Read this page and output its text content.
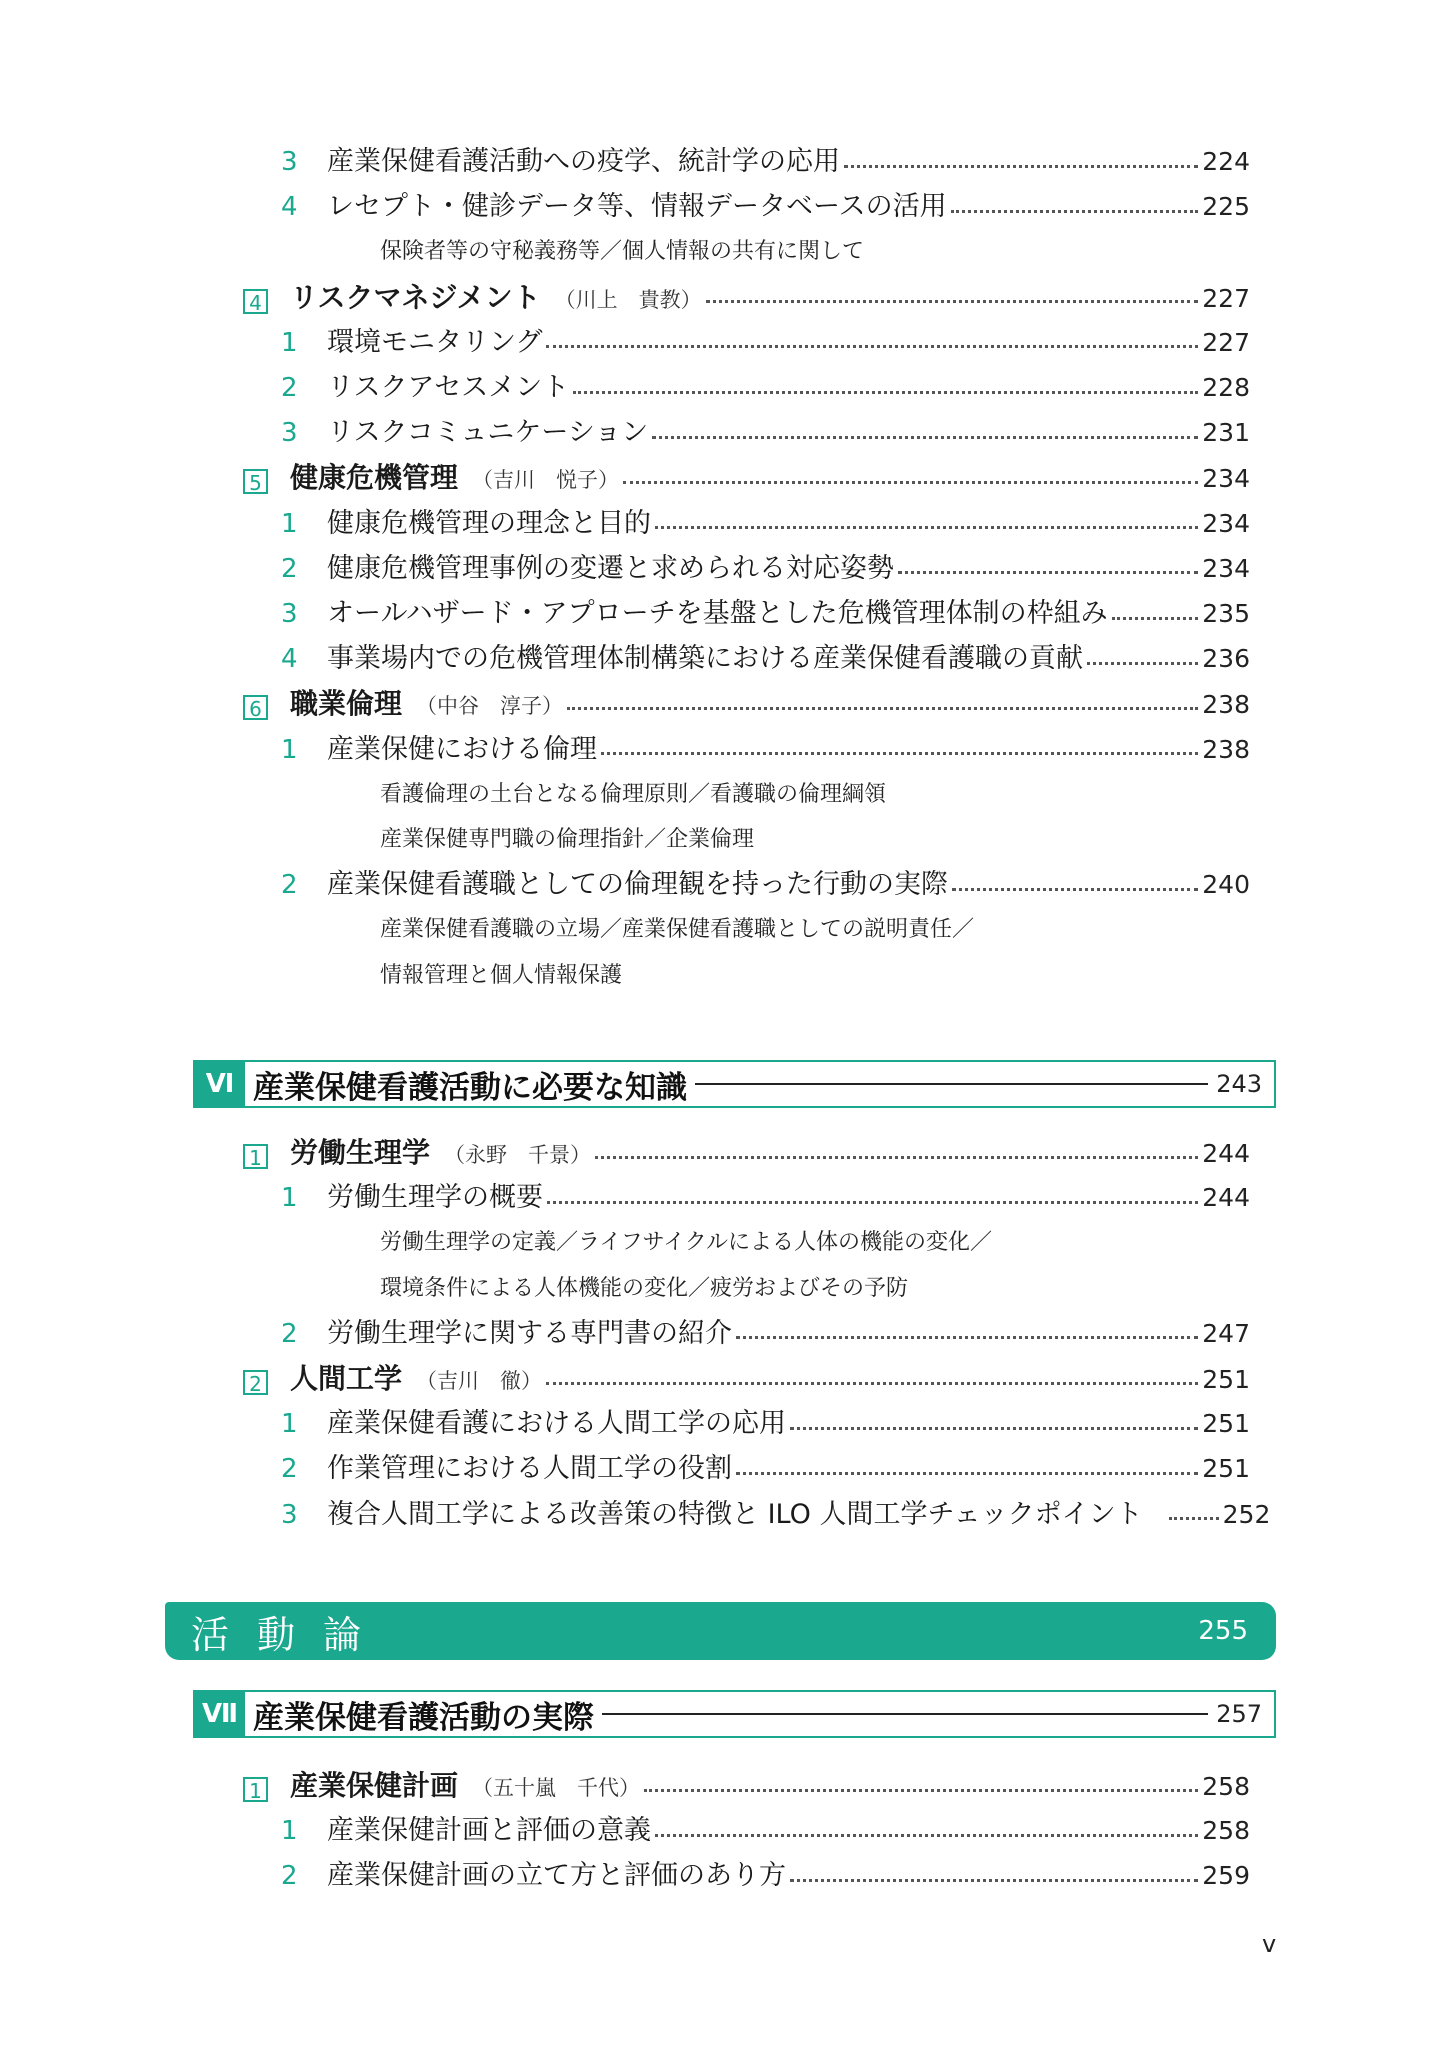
3	産業保健看護活動への疫学、統計学の応用	224
4	レセプト・健診データ等、情報データベースの活用	225
保険者等の守秘義務等／個人情報の共有に関して
4 リスクマネジメント （川上　貴教）	227
1	環境モニタリング	227
2	リスクアセスメント	228
3	リスクコミュニケーション	231
5 健康危機管理 （吉川　悦子）	234
1	健康危機管理の理念と目的	234
2	健康危機管理事例の変遷と求められる対応姿勢	234
3	オールハザード・アプローチを基盤とした危機管理体制の枠組み	235
4	事業場内での危機管理体制構築における産業保健看護職の貢献	236
6 職業倫理 （中谷　淳子）	238
1	産業保健における倫理	238
看護倫理の土台となる倫理原則／看護職の倫理綱領
産業保健専門職の倫理指針／企業倫理
2	産業保健看護職としての倫理観を持った行動の実際	240
産業保健看護職の立場／産業保健看護職としての説明責任／
情報管理と個人情報保護
Ⅵ 産業保健看護活動に必要な知識	243
1 労働生理学 （永野　千景）	244
1	労働生理学の概要	244
労働生理学の定義／ライフサイクルによる人体の機能の変化／
環境条件による人体機能の変化／疲労およびその予防
2	労働生理学に関する専門書の紹介	247
2 人間工学 （吉川　徹）	251
1	産業保健看護における人間工学の応用	251
2	作業管理における人間工学の役割	251
3	複合人間工学による改善策の特徴と ILO 人間工学チェックポイント	252
活動論	255
Ⅶ 産業保健看護活動の実際	257
1 産業保健計画 （五十嵐　千代）	258
1	産業保健計画と評価の意義	258
2	産業保健計画の立て方と評価のあり方	259
v
